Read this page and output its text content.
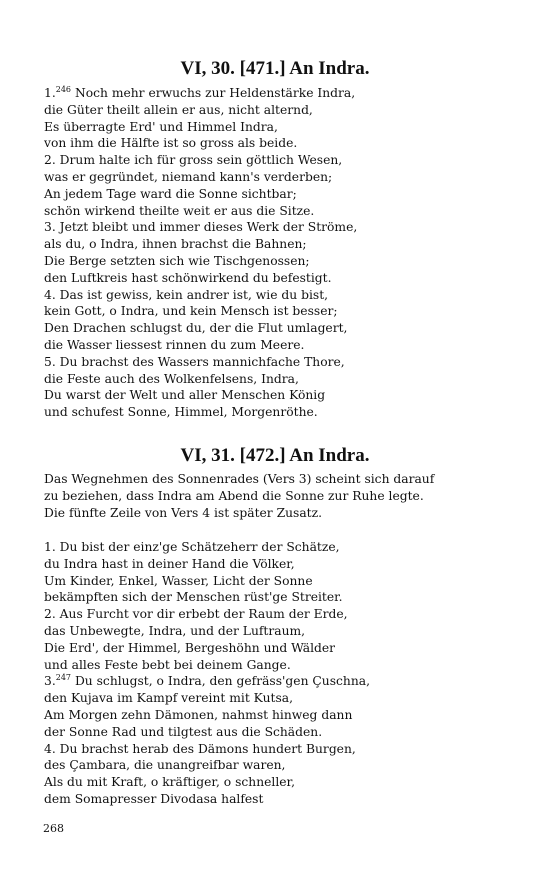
VI, 30. [471.] An Indra.
1.$^{246}$ Noch mehr erwuchs zur Heldenstärke Indra,
die Güter theilt allein er aus, nicht alternd,
Es überragte Erd' und Himmel Indra,
von ihm die Hälfte ist so gross als beide.
2. Drum halte ich für gross sein göttlich Wesen,
was er gegründet, niemand kann's verderben;
An jedem Tage ward die Sonne sichtbar;
schön wirkend theilte weit er aus die Sitze.
3. Jetzt bleibt und immer dieses Werk der Ströme,
als du, o Indra, ihnen brachst die Bahnen;
Die Berge setzten sich wie Tischgenossen;
den Luftkreis hast schönwirkend du befestigt.
4. Das ist gewiss, kein andrer ist, wie du bist,
kein Gott, o Indra, und kein Mensch ist besser;
Den Drachen schlugst du, der die Flut umlagert,
die Wasser liessest rinnen du zum Meere.
5. Du brachst des Wassers mannichfache Thore,
die Feste auch des Wolkenfelsens, Indra,
Du warst der Welt und aller Menschen König
und schufest Sonne, Himmel, Morgenröthe.
VI, 31. [472.] An Indra.
Das Wegnehmen des Sonnenrades (Vers 3) scheint sich darauf
zu beziehen, dass Indra am Abend die Sonne zur Ruhe legte.
Die fünfte Zeile von Vers 4 ist später Zusatz.
1. Du bist der einz'ge Schätzeherr der Schätze,
du Indra hast in deiner Hand die Völker,
Um Kinder, Enkel, Wasser, Licht der Sonne
bekämpften sich der Menschen rüst'ge Streiter.
2. Aus Furcht vor dir erbebt der Raum der Erde,
das Unbewegte, Indra, und der Luftraum,
Die Erd', der Himmel, Bergeshöhn und Wälder
und alles Feste bebt bei deinem Gange.
3.$^{247}$ Du schlugst, o Indra, den gefräss'gen Çuschna,
den Kujava im Kampf vereint mit Kutsa,
Am Morgen zehn Dämonen, nahmst hinweg dann
der Sonne Rad und tilgtest aus die Schäden.
4. Du brachst herab des Dämons hundert Burgen,
des Çambara, die unangreifbar waren,
Als du mit Kraft, o kräftiger, o schneller,
dem Somapresser Divodasa halfest
268
